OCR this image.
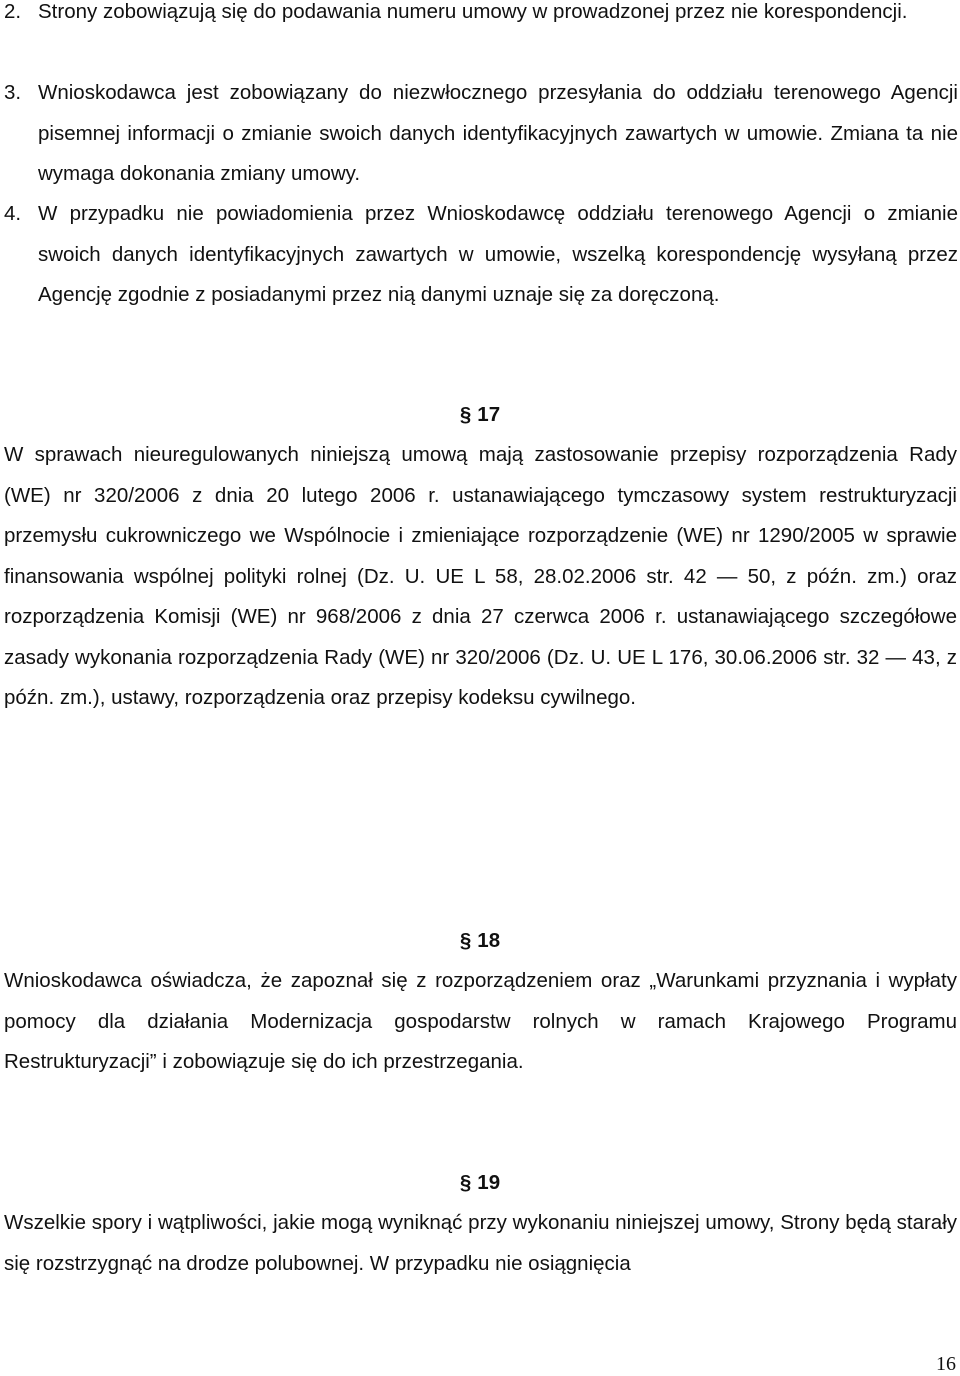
2. Strony zobowiązują się do podawania numeru umowy w prowadzonej przez nie korespondencji.
3. Wnioskodawca jest zobowiązany do niezwłocznego przesyłania do oddziału terenowego Agencji pisemnej informacji o zmianie swoich danych identyfikacyjnych zawartych w umowie. Zmiana ta nie wymaga dokonania zmiany umowy.
4. W przypadku nie powiadomienia przez Wnioskodawcę oddziału terenowego Agencji o zmianie swoich danych identyfikacyjnych zawartych w umowie, wszelką korespondencję wysyłaną przez Agencję zgodnie z posiadanymi przez nią danymi uznaje się za doręczoną.
§ 17
W sprawach nieuregulowanych niniejszą umową mają zastosowanie przepisy rozporządzenia Rady (WE) nr 320/2006 z dnia 20 lutego 2006 r. ustanawiającego tymczasowy system restrukturyzacji przemysłu cukrowniczego we Wspólnocie i zmieniające rozporządzenie (WE) nr 1290/2005 w sprawie finansowania wspólnej polityki rolnej (Dz. U. UE L 58, 28.02.2006 str. 42 — 50, z późn. zm.) oraz rozporządzenia Komisji (WE) nr 968/2006 z dnia 27 czerwca 2006 r. ustanawiającego szczegółowe zasady wykonania rozporządzenia Rady (WE) nr 320/2006 (Dz. U. UE L 176, 30.06.2006 str. 32 — 43, z późn. zm.), ustawy, rozporządzenia oraz przepisy kodeksu cywilnego.
§ 18
Wnioskodawca oświadcza, że zapoznał się z rozporządzeniem oraz „Warunkami przyznania i wypłaty pomocy dla działania Modernizacja gospodarstw rolnych w ramach Krajowego Programu Restrukturyzacji” i zobowiązuje się do ich przestrzegania.
§ 19
Wszelkie spory i wątpliwości, jakie mogą wyniknąć przy wykonaniu niniejszej umowy, Strony będą starały się rozstrzygnąć na drodze polubownej. W przypadku nie osiągnięcia
16
